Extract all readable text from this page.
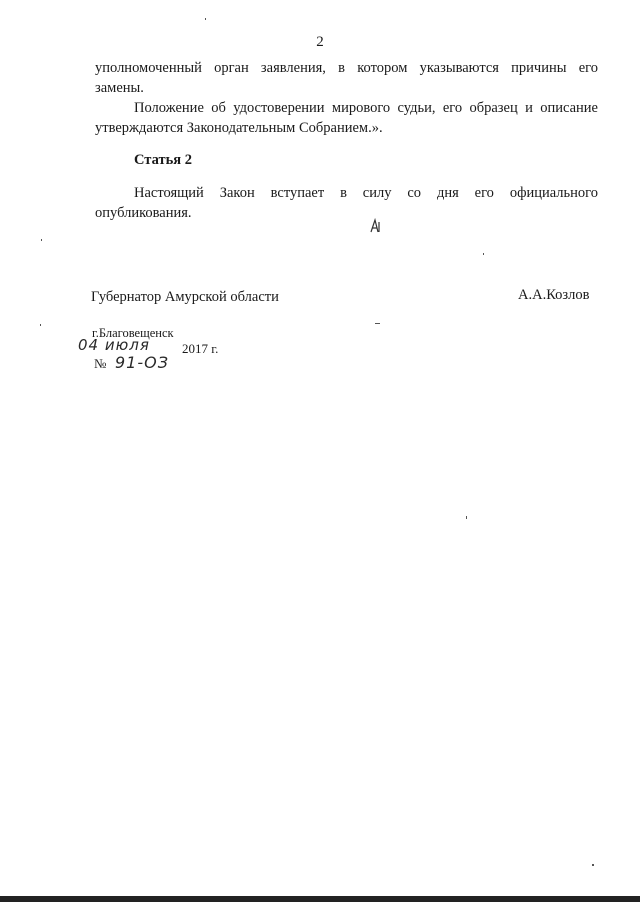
2
уполномоченный орган заявления, в котором указываются причины его
замены.
Положение об удостоверении мирового судьи, его образец и описание
утверждаются Законодательным Собранием.».
Статья 2
Настоящий Закон вступает в силу со дня его официального
опубликования.
Губернатор Амурской области	А.А.Козлов
г.Благовещенск
04 июля 2017 г.
№ 91-ОЗ
